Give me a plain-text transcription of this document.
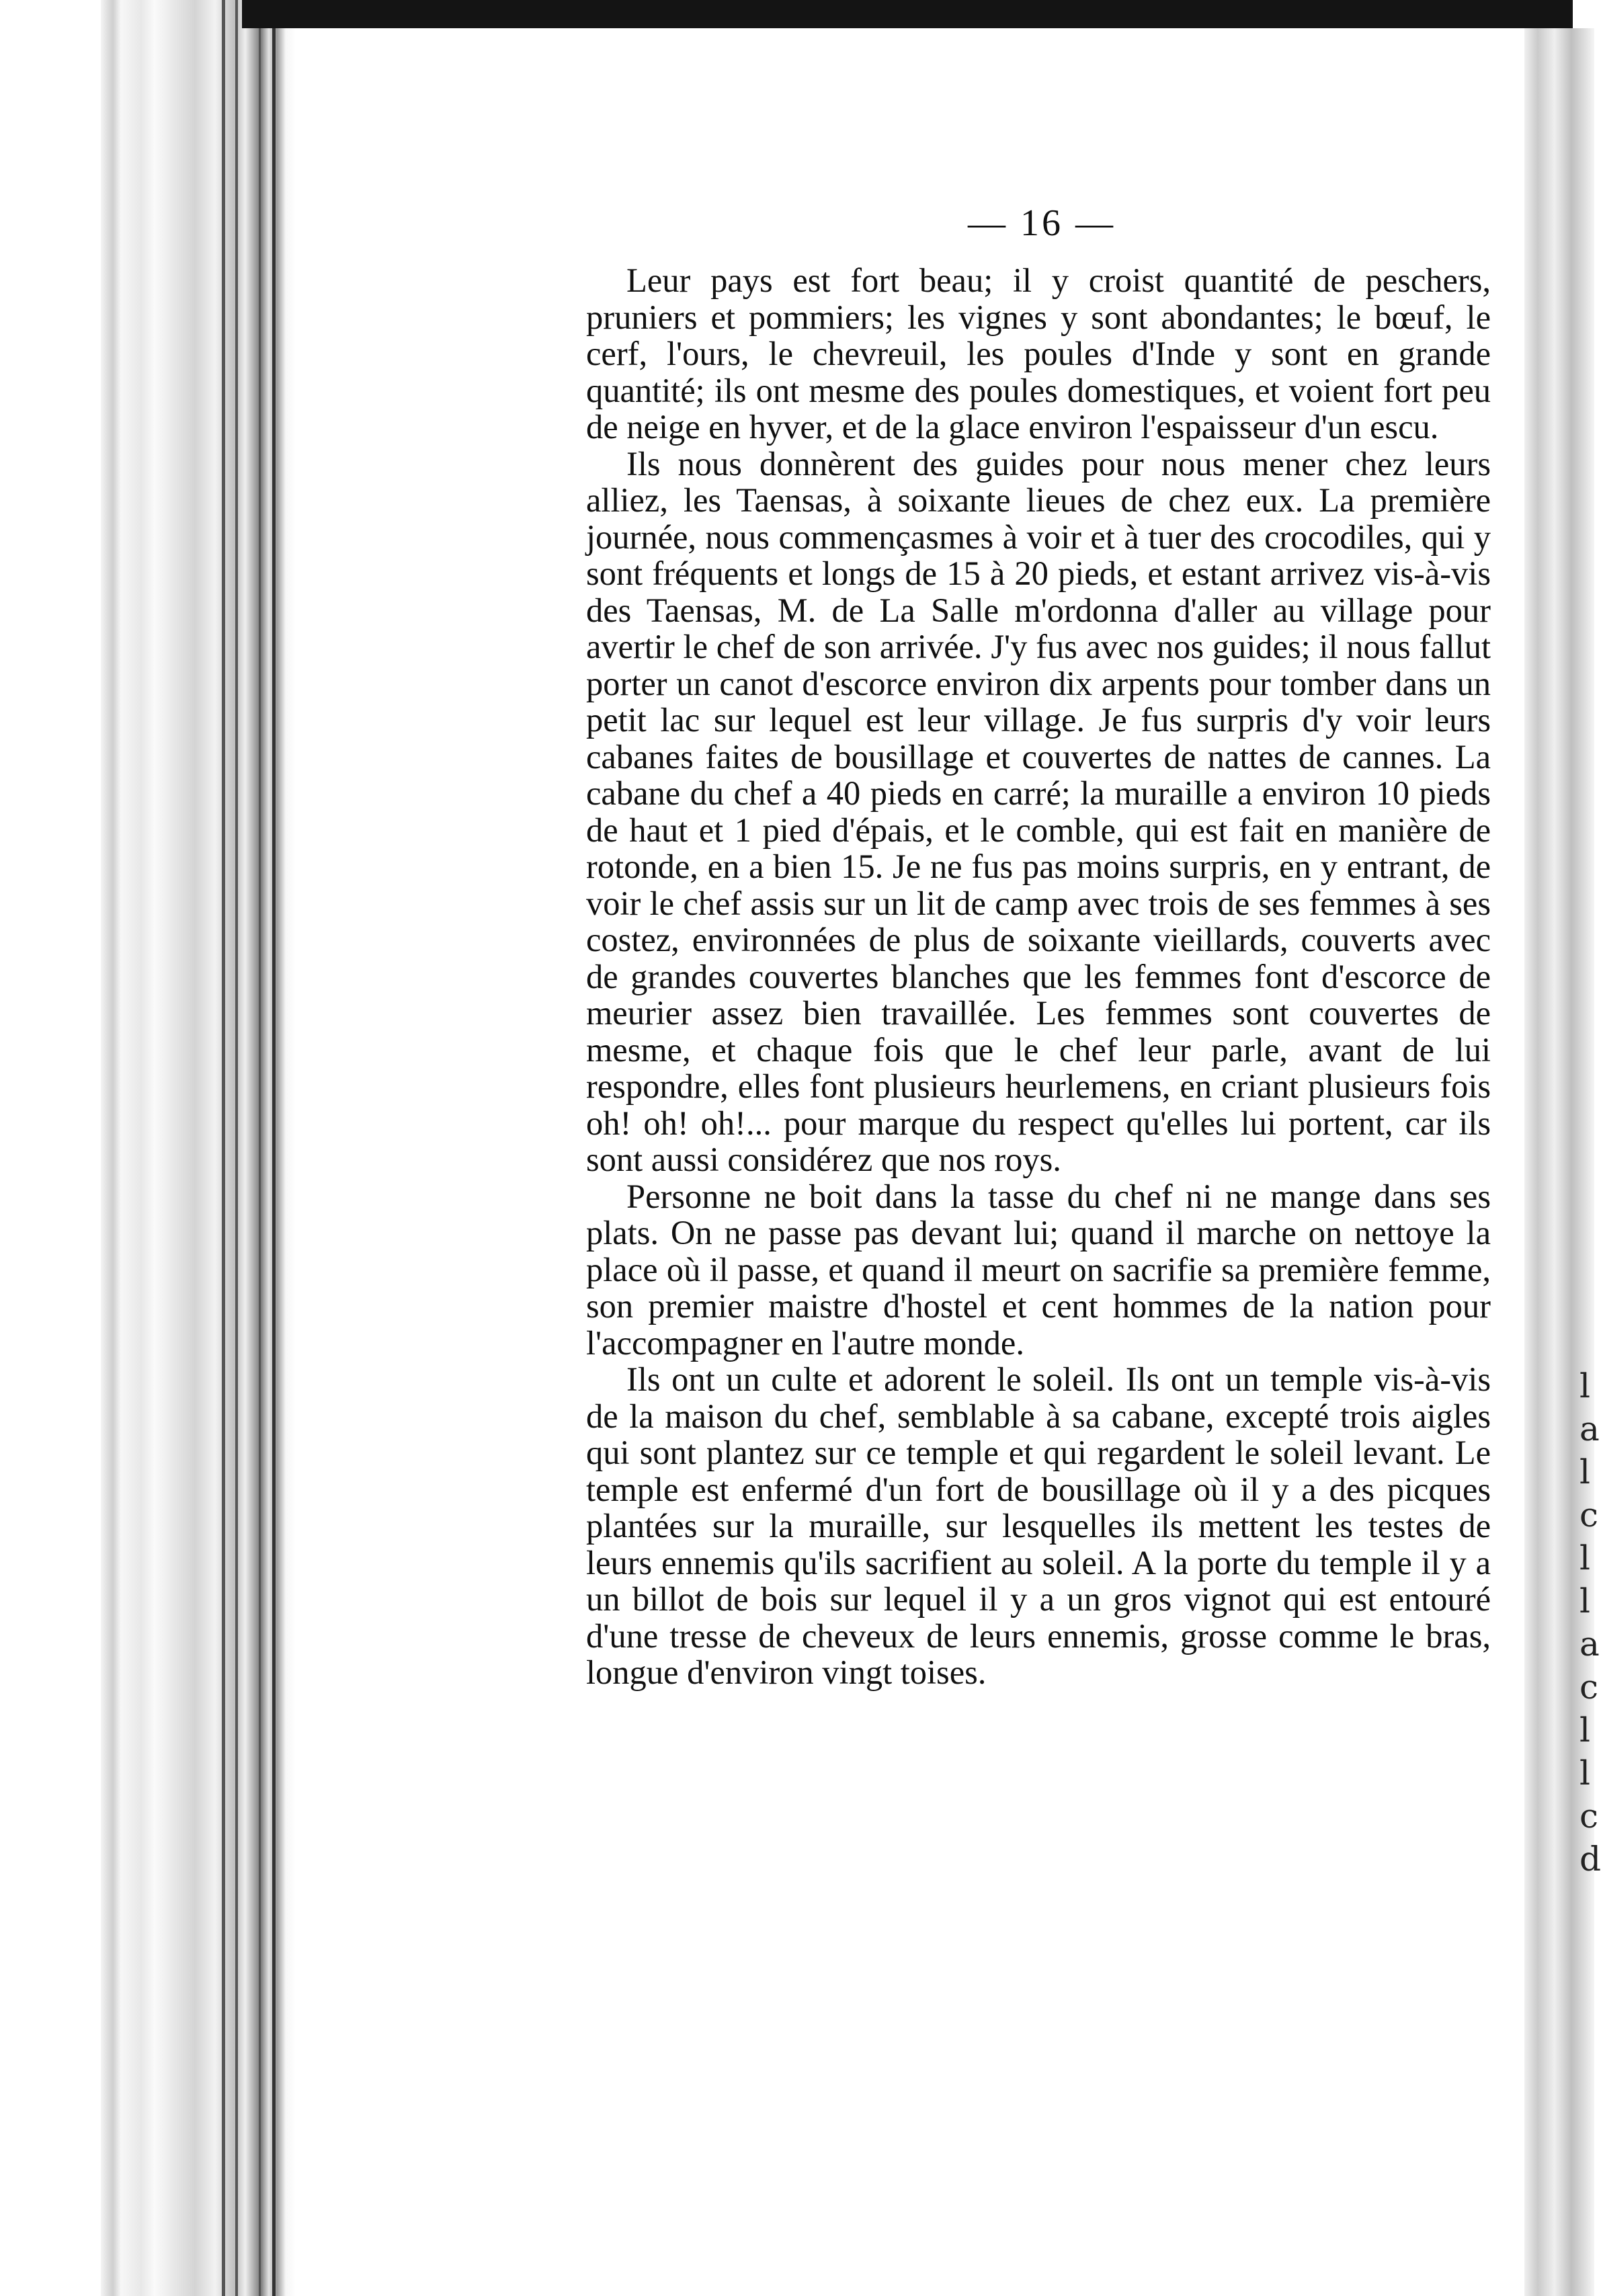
l
a
l
c
l
l
a
c
l
l
c
d
— 16 —

Leur pays est fort beau; il y croist quantité de peschers, pruniers et pommiers; les vignes y sont abondantes; le bœuf, le cerf, l'ours, le chevreuil, les poules d'Inde y sont en grande quantité; ils ont mesme des poules domestiques, et voient fort peu de neige en hyver, et de la glace environ l'espaisseur d'un escu.

Ils nous donnèrent des guides pour nous mener chez leurs alliez, les Taensas, à soixante lieues de chez eux. La première journée, nous commençasmes à voir et à tuer des crocodiles, qui y sont fréquents et longs de 15 à 20 pieds, et estant arrivez vis-à-vis des Taensas, M. de La Salle m'ordonna d'aller au village pour avertir le chef de son arrivée. J'y fus avec nos guides; il nous fallut porter un canot d'escorce environ dix arpents pour tomber dans un petit lac sur lequel est leur village. Je fus surpris d'y voir leurs cabanes faites de bousillage et couvertes de nattes de cannes. La cabane du chef a 40 pieds en carré; la muraille a environ 10 pieds de haut et 1 pied d'épais, et le comble, qui est fait en manière de rotonde, en a bien 15. Je ne fus pas moins surpris, en y entrant, de voir le chef assis sur un lit de camp avec trois de ses femmes à ses costez, environnées de plus de soixante vieillards, couverts avec de grandes couvertes blanches que les femmes font d'escorce de meurier assez bien travaillée. Les femmes sont couvertes de mesme, et chaque fois que le chef leur parle, avant de lui respondre, elles font plusieurs heurlemens, en criant plusieurs fois oh! oh! oh!... pour marque du respect qu'elles lui portent, car ils sont aussi considérez que nos roys.

Personne ne boit dans la tasse du chef ni ne mange dans ses plats. On ne passe pas devant lui; quand il marche on nettoye la place où il passe, et quand il meurt on sacrifie sa première femme, son premier maistre d'hostel et cent hommes de la nation pour l'accompagner en l'autre monde.

Ils ont un culte et adorent le soleil. Ils ont un temple vis-à-vis de la maison du chef, semblable à sa cabane, excepté trois aigles qui sont plantez sur ce temple et qui regardent le soleil levant. Le temple est enfermé d'un fort de bousillage où il y a des picques plantées sur la muraille, sur lesquelles ils mettent les testes de leurs ennemis qu'ils sacrifient au soleil. A la porte du temple il y a un billot de bois sur lequel il y a un gros vignot qui est entouré d'une tresse de cheveux de leurs ennemis, grosse comme le bras, longue d'environ vingt toises.
